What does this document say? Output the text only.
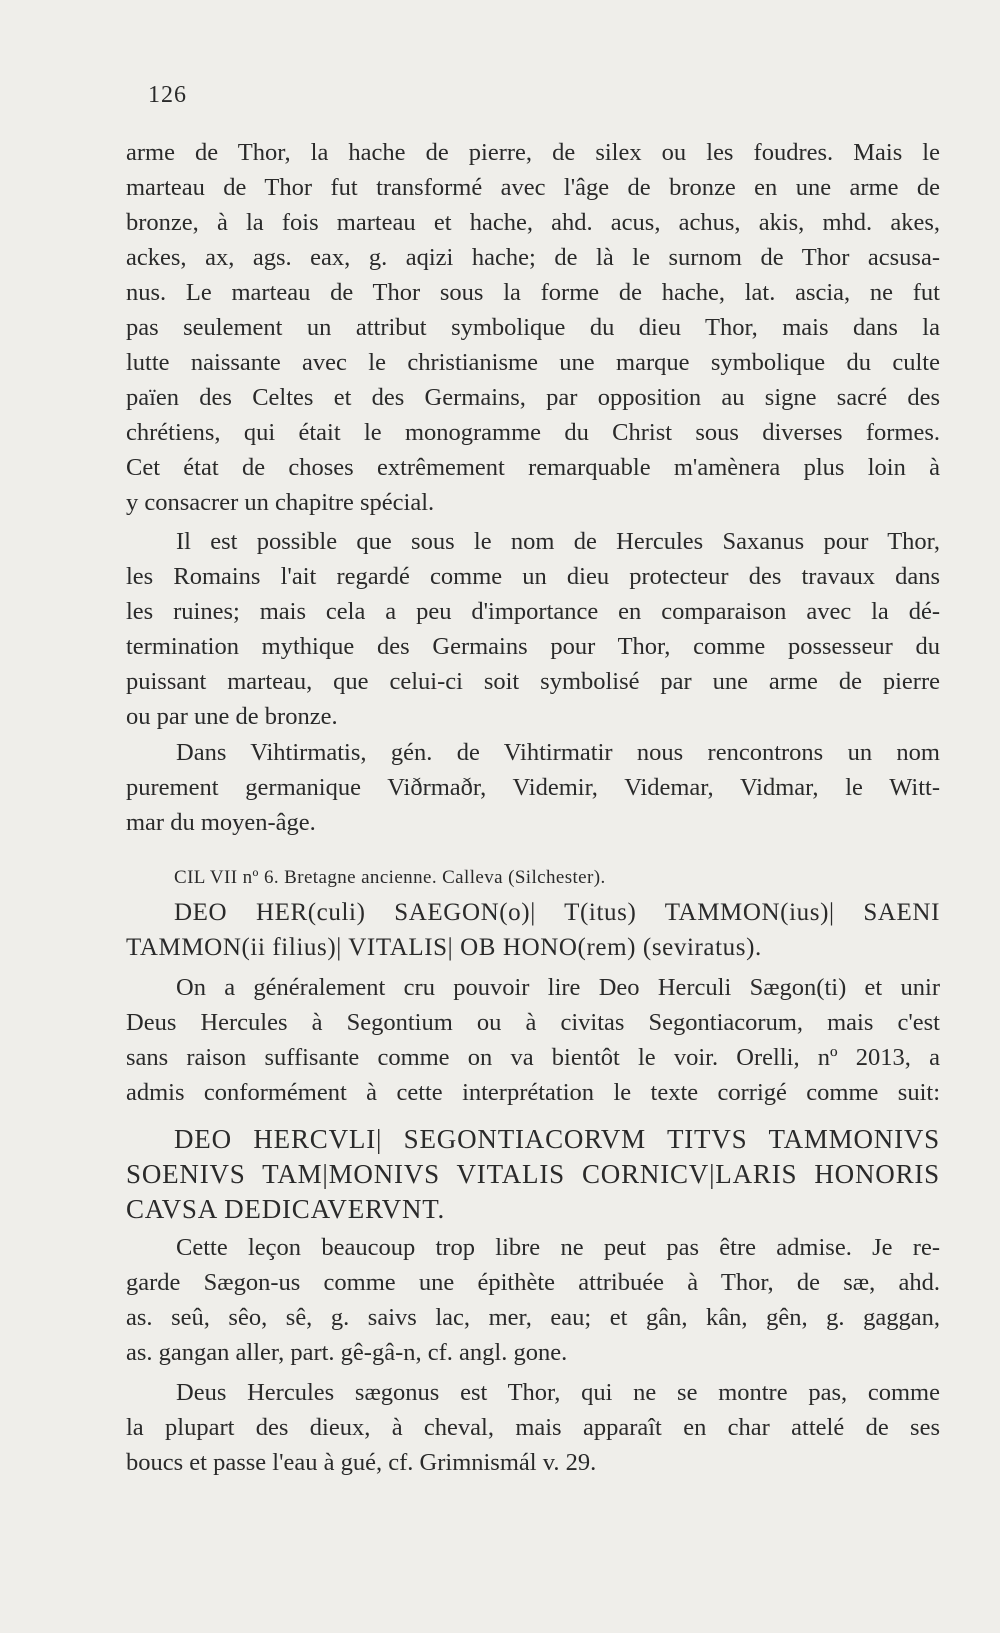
126
arme de Thor, la hache de pierre, de silex ou les foudres. Mais le
marteau de Thor fut transformé avec l'âge de bronze en une arme de
bronze, à la fois marteau et hache, ahd. acus, achus, akis, mhd. akes,
ackes, ax, ags. eax, g. aqizi hache; de là le surnom de Thor acsusa-
nus. Le marteau de Thor sous la forme de hache, lat. ascia, ne fut
pas seulement un attribut symbolique du dieu Thor, mais dans la
lutte naissante avec le christianisme une marque symbolique du culte
païen des Celtes et des Germains, par opposition au signe sacré des
chrétiens, qui était le monogramme du Christ sous diverses formes.
Cet état de choses extrêmement remarquable m'amènera plus loin à
y consacrer un chapitre spécial.
Il est possible que sous le nom de Hercules Saxanus pour Thor,
les Romains l'ait regardé comme un dieu protecteur des travaux dans
les ruines; mais cela a peu d'importance en comparaison avec la dé-
termination mythique des Germains pour Thor, comme possesseur du
puissant marteau, que celui-ci soit symbolisé par une arme de pierre
ou par une de bronze.
Dans Vihtirmatis, gén. de Vihtirmatir nous rencontrons un nom
purement germanique Viðrmaðr, Videmir, Videmar, Vidmar, le Witt-
mar du moyen-âge.
CIL VII nº 6. Bretagne ancienne. Calleva (Silchester).
DEO HER(culi) SAEGON(o)| T(itus) TAMMON(ius)| SAENI
TAMMON(ii filius)| VITALIS| OB HONO(rem) (seviratus).
On a généralement cru pouvoir lire Deo Herculi Sægon(ti) et unir
Deus Hercules à Segontium ou à civitas Segontiacorum, mais c'est
sans raison suffisante comme on va bientôt le voir. Orelli, nº 2013, a
admis conformément à cette interprétation le texte corrigé comme suit:
DEO HERCVLI| SEGONTIACORVM TITVS TAMMONIVS
SOENIVS TAM|MONIVS VITALIS CORNICV|LARIS HONORIS
CAVSA DEDICAVERVNT.
Cette leçon beaucoup trop libre ne peut pas être admise. Je re-
garde Sægon-us comme une épithète attribuée à Thor, de sæ, ahd.
as. seû, sêo, sê, g. saivs lac, mer, eau; et gân, kân, gên, g. gaggan,
as. gangan aller, part. gê-gâ-n, cf. angl. gone.
Deus Hercules sægonus est Thor, qui ne se montre pas, comme
la plupart des dieux, à cheval, mais apparaît en char attelé de ses
boucs et passe l'eau à gué, cf. Grimnismál v. 29.
